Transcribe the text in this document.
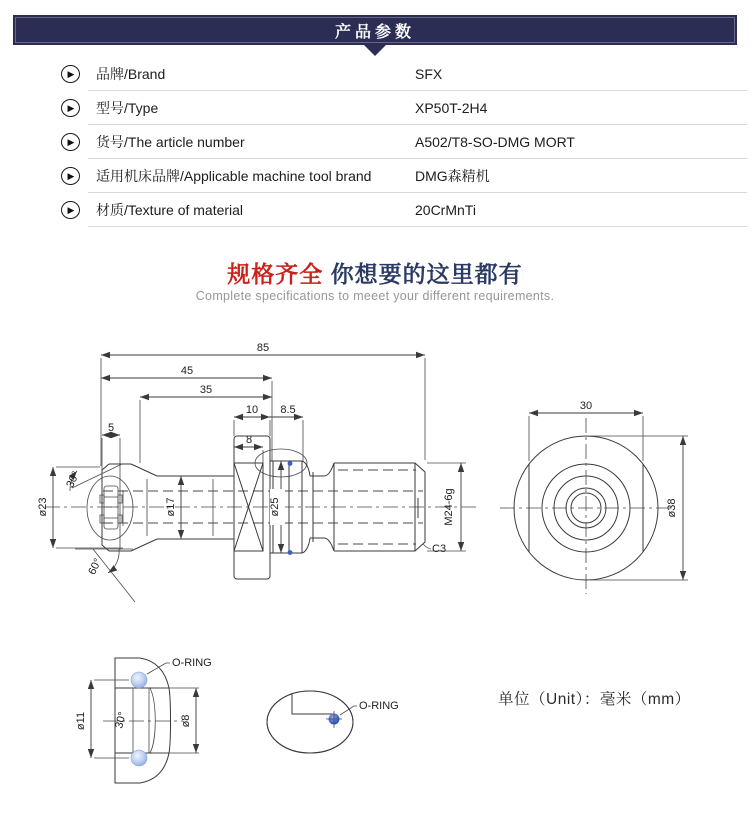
产品参数
▶	品牌/Brand	SFX
▶	型号/Type	XP50T-2H4
▶	货号/The article number	A502/T8-SO-DMG MORT
▶	适用机床品牌/Applicable machine tool brand	DMG森精机
▶	材质/Texture of material	20CrMnTi
规格齐全 你想要的这里都有
Complete specifications to meeet your different requirements.
85
45
35
10 8.5
5
8
ø17	ø25	M24-6g
C3
ø23
30°
60°
30
ø38
O-RING
ø11 30°	ø8
O-RING	单位（Unit）：毫米（mm）
